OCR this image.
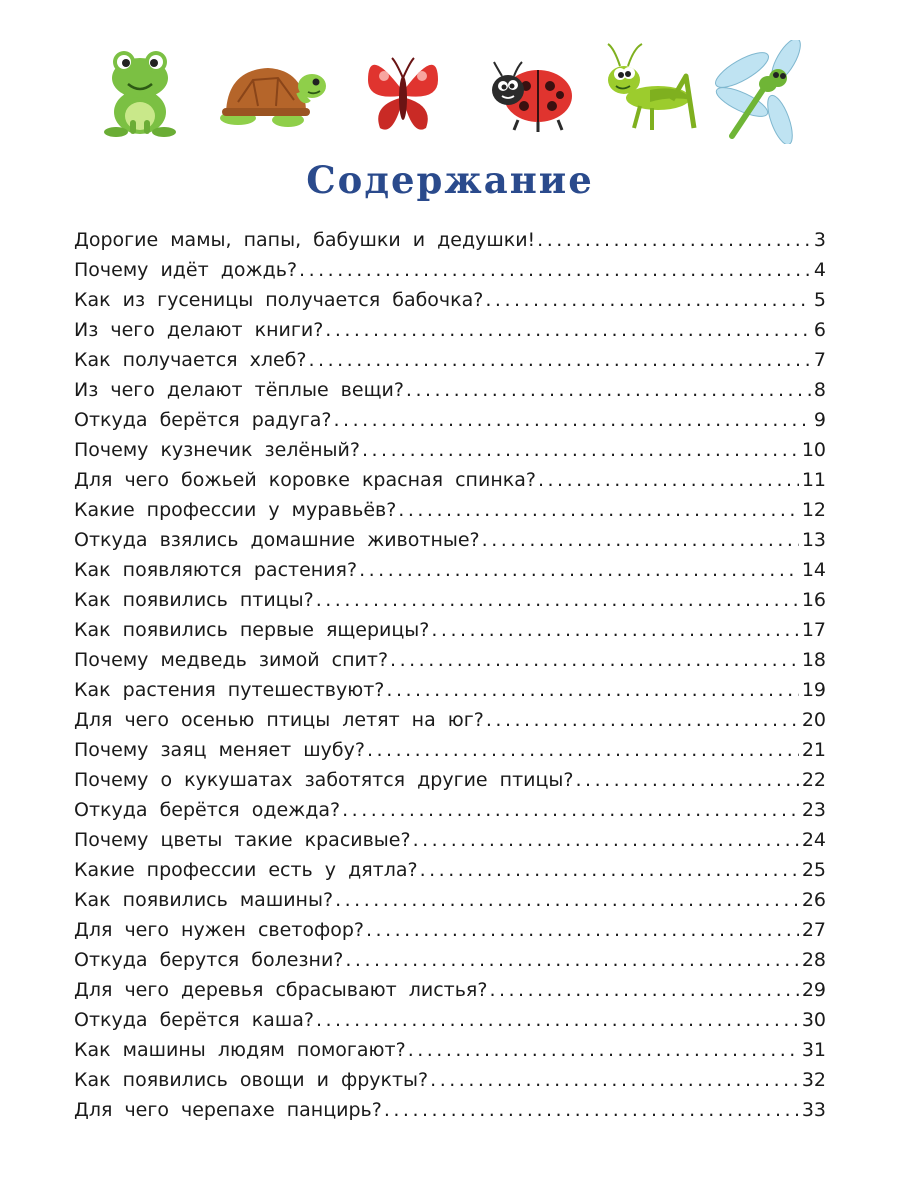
Содержание
Дорогие мамы, папы, бабушки и дедушки! .....	3
Почему идёт дождь? .....	4
Как из гусеницы получается бабочка? .....	5
Из чего делают книги? .....	6
Как получается хлеб? .....	7
Из чего делают тёплые вещи? .....	8
Откуда берётся радуга? .....	9
Почему кузнечик зелёный? .....	10
Для чего божьей коровке красная спинка? .....	11
Какие профессии у муравьёв? .....	12
Откуда взялись домашние животные? .....	13
Как появляются растения? .....	14
Как появились птицы? .....	16
Как появились первые ящерицы? .....	17
Почему медведь зимой спит? .....	18
Как растения путешествуют? .....	19
Для чего осенью птицы летят на юг? .....	20
Почему заяц меняет шубу? .....	21
Почему о кукушатах заботятся другие птицы? .....	22
Откуда берётся одежда? .....	23
Почему цветы такие красивые? .....	24
Какие профессии есть у дятла? .....	25
Как появились машины? .....	26
Для чего нужен светофор? .....	27
Откуда берутся болезни? .....	28
Для чего деревья сбрасывают листья? .....	29
Откуда берётся каша? .....	30
Как машины людям помогают? .....	31
Как появились овощи и фрукты? .....	32
Для чего черепахе панцирь? .....	33
